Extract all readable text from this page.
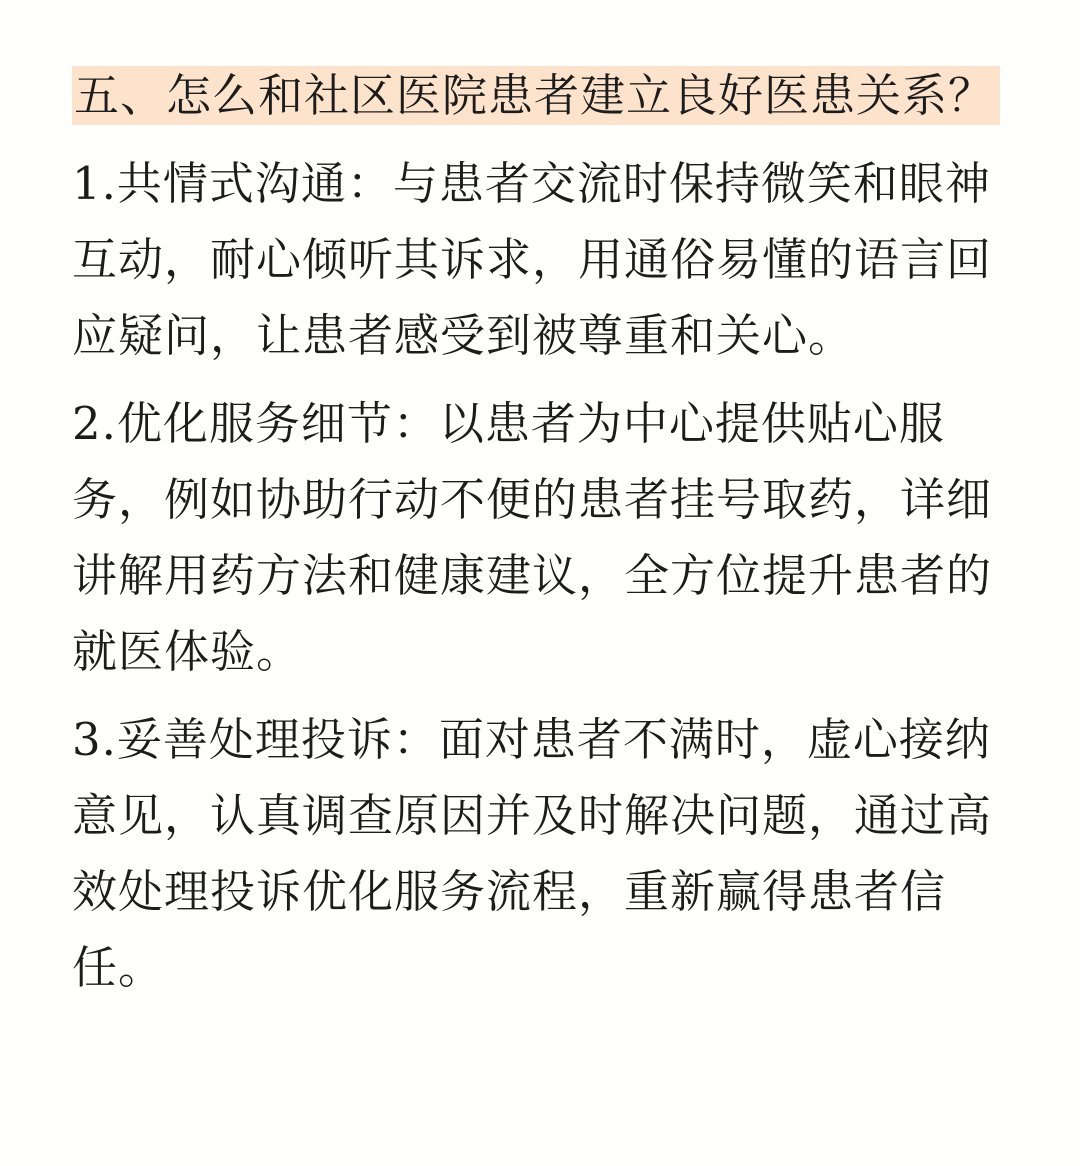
五、怎么和社区医院患者建立良好医患关系？

1.共情式沟通：与患者交流时保持微笑和眼神互动，耐心倾听其诉求，用通俗易懂的语言回应疑问，让患者感受到被尊重和关心。

2.优化服务细节：以患者为中心提供贴心服务，例如协助行动不便的患者挂号取药，详细讲解用药方法和健康建议，全方位提升患者的就医体验。

3.妥善处理投诉：面对患者不满时，虚心接纳意见，认真调查原因并及时解决问题，通过高效处理投诉优化服务流程，重新赢得患者信任。
